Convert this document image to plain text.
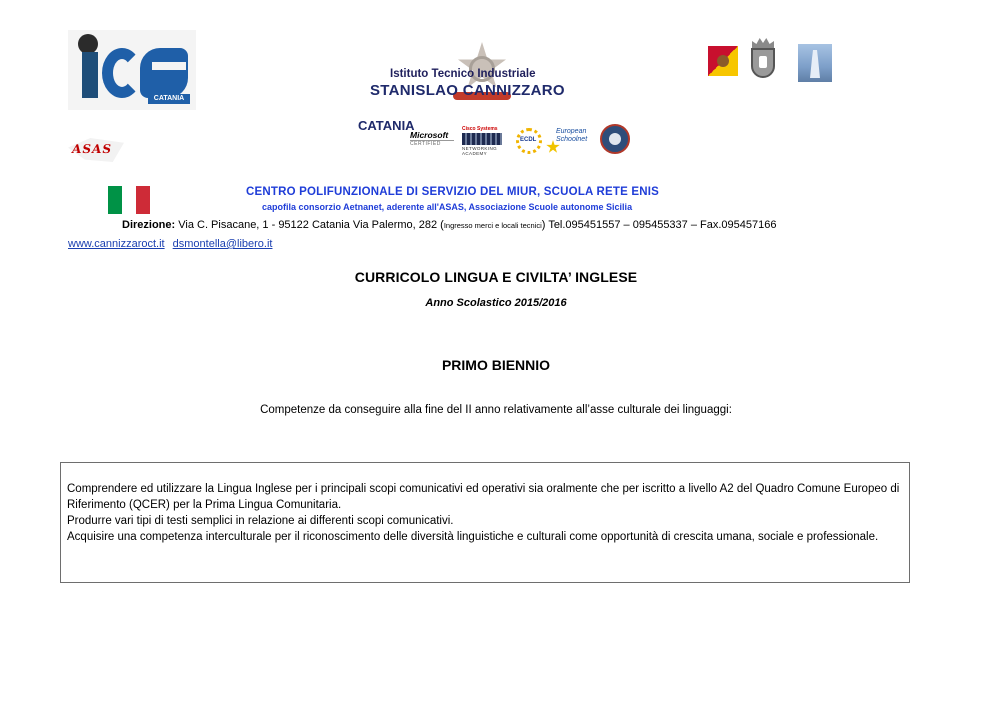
CATANIA
ASAS
Istituto Tecnico Industriale
STANISLAO CANNIZZARO
CATANIA
Microsoft
CERTIFIED
Cisco Systems
NETWORKING ACADEMY
ECDL
European Schoolnet
CENTRO POLIFUNZIONALE DI SERVIZIO DEL MIUR, SCUOLA RETE ENIS
capofila consorzio Aetnanet, aderente all'ASAS, Associazione Scuole autonome Sicilia
Direzione: Via C. Pisacane, 1 - 95122 Catania Via Palermo, 282 (Ingresso merci e locali tecnici) Tel.095451557 – 095455337 – Fax.095457166
www.cannizzaroct.it dsmontella@libero.it
CURRICOLO LINGUA E CIVILTA’ INGLESE
Anno Scolastico 2015/2016
PRIMO BIENNIO
Competenze da conseguire alla fine del II anno relativamente all’asse culturale dei linguaggi:

Comprendere ed utilizzare la Lingua Inglese per i principali scopi comunicativi ed operativi sia oralmente che per iscritto a livello A2 del Quadro Comune Europeo di Riferimento (QCER) per la Prima Lingua Comunitaria.

Produrre vari tipi di testi semplici in relazione ai differenti scopi comunicativi.

Acquisire una competenza interculturale per il riconoscimento delle diversità linguistiche e culturali come opportunità di crescita umana, sociale e professionale.
